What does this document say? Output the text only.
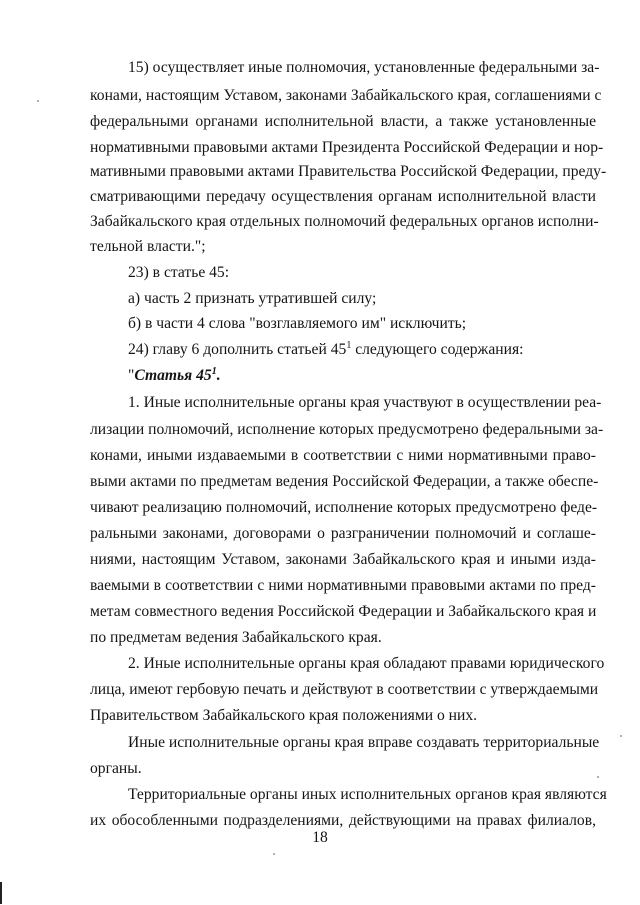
15) осуществляет иные полномочия, установленные федеральными за-

конами, настоящим Уставом, законами Забайкальского края, соглашениями с

федеральными органами исполнительной власти, а также установленные

нормативными правовыми актами Президента Российской Федерации и нор-

мативными правовыми актами Правительства Российской Федерации, преду-

сматривающими передачу осуществления органам исполнительной власти

Забайкальского края отдельных полномочий федеральных органов исполни-

тельной власти.";

23) в статье 45:

а) часть 2 признать утратившей силу;

б) в части 4 слова "возглавляемого им" исключить;

24) главу 6 дополнить статьей $45^1$ следующего содержания:

"Статья $45^1$.

1. Иные исполнительные органы края участвуют в осуществлении реа-

лизации полномочий, исполнение которых предусмотрено федеральными за-

конами, иными издаваемыми в соответствии с ними нормативными право-

выми актами по предметам ведения Российской Федерации, а также обеспе-

чивают реализацию полномочий, исполнение которых предусмотрено феде-

ральными законами, договорами о разграничении полномочий и соглаше-

ниями, настоящим Уставом, законами Забайкальского края и иными изда-

ваемыми в соответствии с ними нормативными правовыми актами по пред-

метам совместного ведения Российской Федерации и Забайкальского края и

по предметам ведения Забайкальского края.

2. Иные исполнительные органы края обладают правами юридического

лица, имеют гербовую печать и действуют в соответствии с утверждаемыми

Правительством Забайкальского края положениями о них.

Иные исполнительные органы края вправе создавать территориальные

органы.

Территориальные органы иных исполнительных органов края являются

их обособленными подразделениями, действующими на правах филиалов,

18
